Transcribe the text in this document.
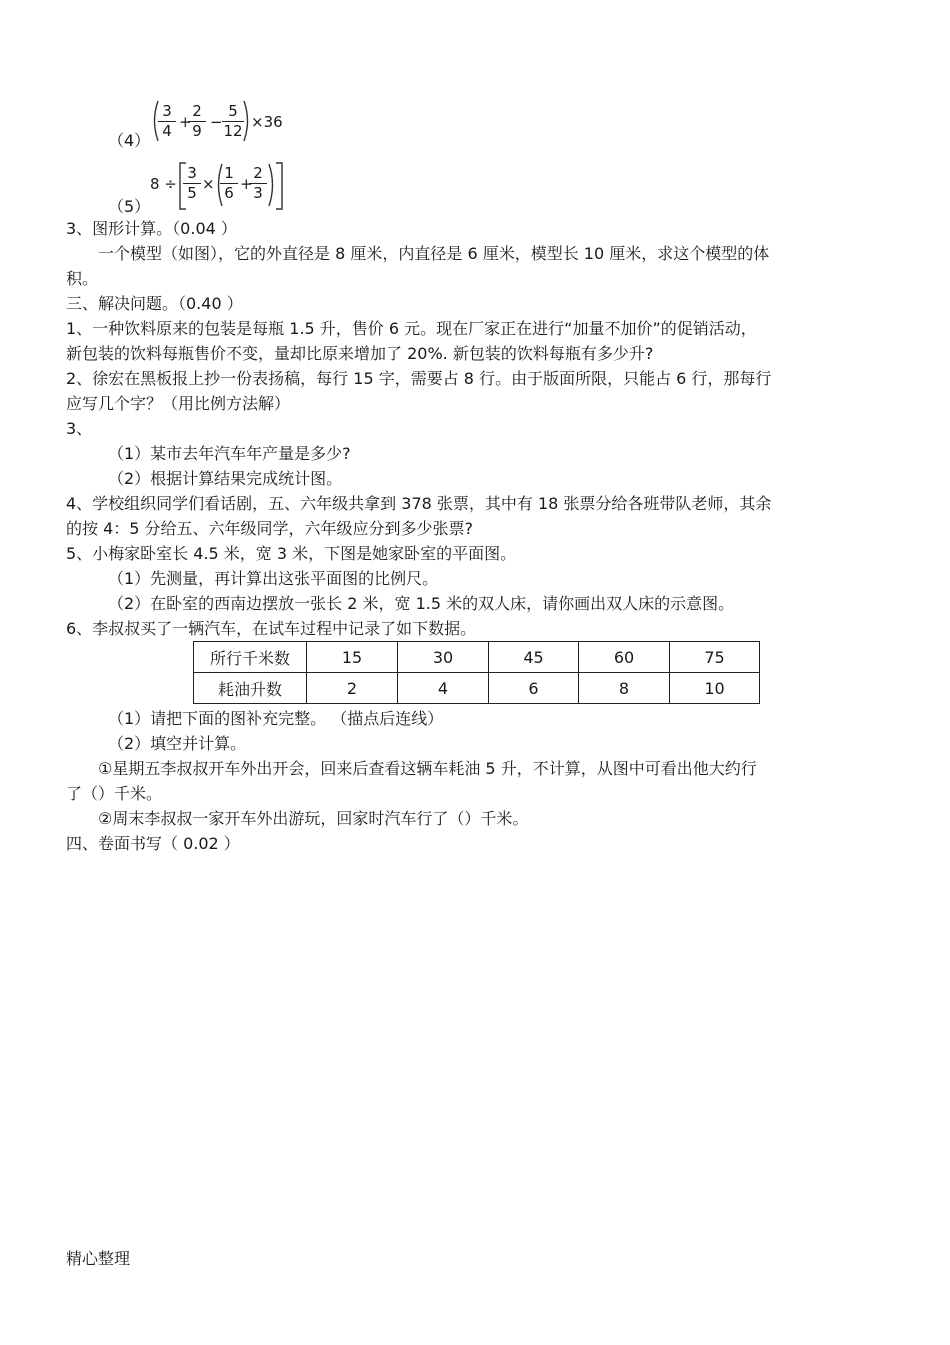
3
4 +
2
9 −
5
12 ×36
（4）
8 ÷
3
5 ×
1
6 +
2
3
（5）
3、图形计算。（0.04 ）
一个模型（如图），它的外直径是 8 厘米，内直径是 6 厘米，模型长 10 厘米，求这个模型的体
积。
三、解决问题。（0.40 ）
1、一种饮料原来的包装是每瓶 1.5 升，售价 6 元。现在厂家正在进行“加量不加价”的促销活动，
新包装的饮料每瓶售价不变，量却比原来增加了 20%. 新包装的饮料每瓶有多少升?
2、徐宏在黑板报上抄一份表扬稿，每行 15 字，需要占 8 行。由于版面所限，只能占 6 行，那每行
应写几个字？（用比例方法解）
3、
（1）某市去年汽车年产量是多少?
（2）根据计算结果完成统计图。
4、学校组织同学们看话剧，五、六年级共拿到 378 张票，其中有 18 张票分给各班带队老师，其余
的按 4：5 分给五、六年级同学，六年级应分到多少张票?
5、小梅家卧室长 4.5 米，宽 3 米，下图是她家卧室的平面图。
（1）先测量，再计算出这张平面图的比例尺。
（2）在卧室的西南边摆放一张长 2 米，宽 1.5 米的双人床，请你画出双人床的示意图。
6、李叔叔买了一辆汽车，在试车过程中记录了如下数据。
所行千米数	15	30	45	60	75
耗油升数	2	4	6	8	10
（1）请把下面的图补充完整。 （描点后连线）
（2）填空并计算。
①星期五李叔叔开车外出开会，回来后查看这辆车耗油 5 升，不计算，从图中可看出他大约行
了（）千米。
②周末李叔叔一家开车外出游玩，回家时汽车行了（）千米。
四、卷面书写（ 0.02 ）
精心整理
